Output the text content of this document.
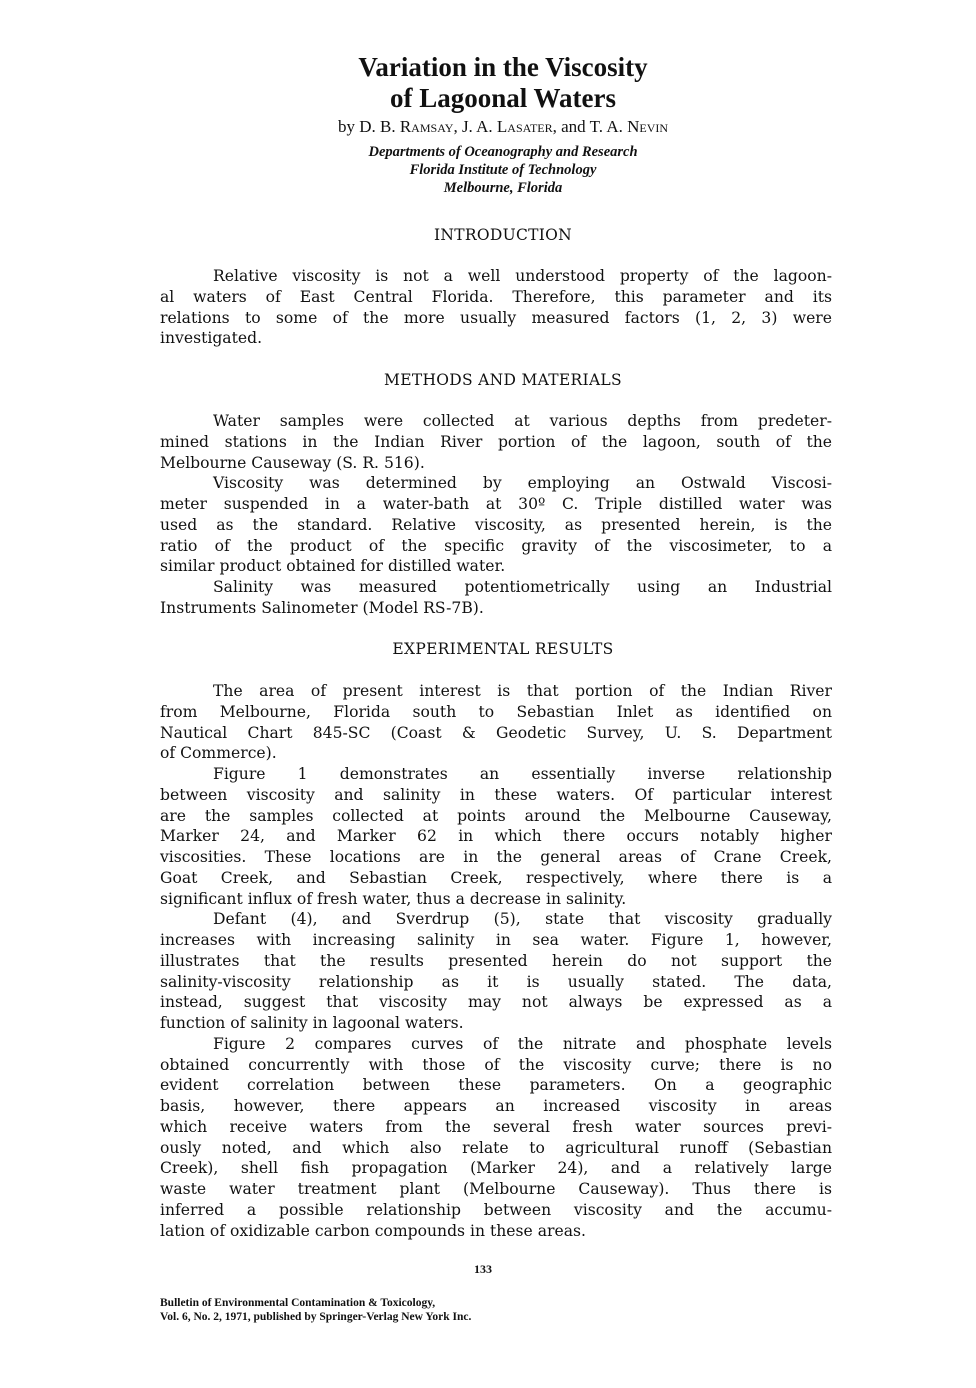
Variation in the Viscosity
of Lagoonal Waters
by D. B. Ramsay, J. A. Lasater, and T. A. Nevin
Departments of Oceanography and Research
Florida Institute of Technology
Melbourne, Florida
INTRODUCTION
Relative viscosity is not a well understood property of the lagoon-
al waters of East Central Florida. Therefore, this parameter and its
relations to some of the more usually measured factors (1, 2, 3) were
investigated.
METHODS AND MATERIALS
Water samples were collected at various depths from predeter-
mined stations in the Indian River portion of the lagoon, south of the
Melbourne Causeway (S. R. 516).
Viscosity was determined by employing an Ostwald Viscosi-
meter suspended in a water-bath at 30º C. Triple distilled water was
used as the standard. Relative viscosity, as presented herein, is the
ratio of the product of the specific gravity of the viscosimeter, to a
similar product obtained for distilled water.
Salinity was measured potentiometrically using an Industrial
Instruments Salinometer (Model RS-7B).
EXPERIMENTAL RESULTS
The area of present interest is that portion of the Indian River
from Melbourne, Florida south to Sebastian Inlet as identified on
Nautical Chart 845-SC (Coast & Geodetic Survey, U. S. Department
of Commerce).
Figure 1 demonstrates an essentially inverse relationship
between viscosity and salinity in these waters. Of particular interest
are the samples collected at points around the Melbourne Causeway,
Marker 24, and Marker 62 in which there occurs notably higher
viscosities. These locations are in the general areas of Crane Creek,
Goat Creek, and Sebastian Creek, respectively, where there is a
significant influx of fresh water, thus a decrease in salinity.
Defant (4), and Sverdrup (5), state that viscosity gradually
increases with increasing salinity in sea water. Figure 1, however,
illustrates that the results presented herein do not support the
salinity-viscosity relationship as it is usually stated. The data,
instead, suggest that viscosity may not always be expressed as a
function of salinity in lagoonal waters.
Figure 2 compares curves of the nitrate and phosphate levels
obtained concurrently with those of the viscosity curve; there is no
evident correlation between these parameters. On a geographic
basis, however, there appears an increased viscosity in areas
which receive waters from the several fresh water sources previ-
ously noted, and which also relate to agricultural runoff (Sebastian
Creek), shell fish propagation (Marker 24), and a relatively large
waste water treatment plant (Melbourne Causeway). Thus there is
inferred a possible relationship between viscosity and the accumu-
lation of oxidizable carbon compounds in these areas.
133
Bulletin of Environmental Contamination & Toxicology,
Vol. 6, No. 2, 1971, published by Springer-Verlag New York Inc.
